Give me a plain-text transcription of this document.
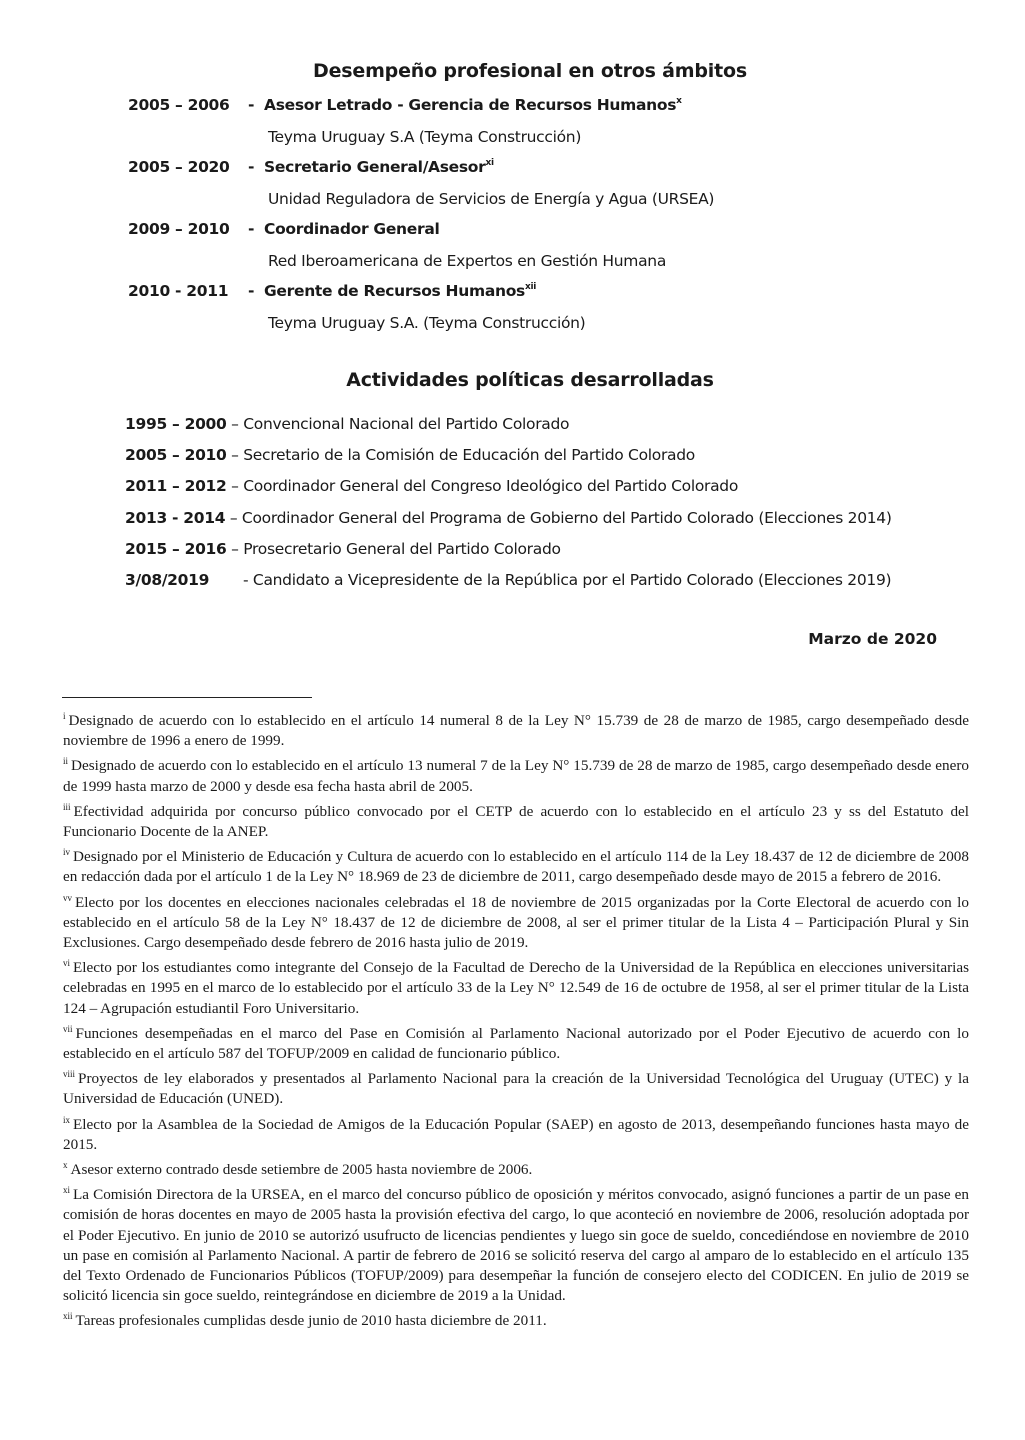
Desempeño profesional en otros ámbitos
2005 – 2006 - Asesor Letrado - Gerencia de Recursos Humanos$^x$
Teyma Uruguay S.A (Teyma Construcción)
2005 – 2020 - Secretario General/Asesor$^{xi}$
Unidad Reguladora de Servicios de Energía y Agua (URSEA)
2009 – 2010 - Coordinador General
Red Iberoamericana de Expertos en Gestión Humana
2010 - 2011 - Gerente de Recursos Humanos$^{xii}$
Teyma Uruguay S.A. (Teyma Construcción)
Actividades políticas desarrolladas
1995 – 2000 – Convencional Nacional del Partido Colorado
2005 – 2010 – Secretario de la Comisión de Educación del Partido Colorado
2011 – 2012 – Coordinador General del Congreso Ideológico del Partido Colorado
2013 - 2014 – Coordinador General del Programa de Gobierno del Partido Colorado (Elecciones 2014)
2015 – 2016 – Prosecretario General del Partido Colorado
3/08/2019 - Candidato a Vicepresidente de la República por el Partido Colorado (Elecciones 2019)
Marzo de 2020

$^i$ Designado de acuerdo con lo establecido en el artículo 14 numeral 8 de la Ley N° 15.739 de 28 de marzo de 1985, cargo desempeñado desde noviembre de 1996 a enero de 1999.

$^{ii}$ Designado de acuerdo con lo establecido en el artículo 13 numeral 7 de la Ley N° 15.739 de 28 de marzo de 1985, cargo desempeñado desde enero de 1999 hasta marzo de 2000 y desde esa fecha hasta abril de 2005.

$^{iii}$ Efectividad adquirida por concurso público convocado por el CETP de acuerdo con lo establecido en el artículo 23 y ss del Estatuto del Funcionario Docente de la ANEP.

$^{iv}$ Designado por el Ministerio de Educación y Cultura de acuerdo con lo establecido en el artículo 114 de la Ley 18.437 de 12 de diciembre de 2008 en redacción dada por el artículo 1 de la Ley N° 18.969 de 23 de diciembre de 2011, cargo desempeñado desde mayo de 2015 a febrero de 2016.

$^{vv}$ Electo por los docentes en elecciones nacionales celebradas el 18 de noviembre de 2015 organizadas por la Corte Electoral de acuerdo con lo establecido en el artículo 58 de la Ley N° 18.437 de 12 de diciembre de 2008, al ser el primer titular de la Lista 4 – Participación Plural y Sin Exclusiones. Cargo desempeñado desde febrero de 2016 hasta julio de 2019.

$^{vi}$ Electo por los estudiantes como integrante del Consejo de la Facultad de Derecho de la Universidad de la República en elecciones universitarias celebradas en 1995 en el marco de lo establecido por el artículo 33 de la Ley N° 12.549 de 16 de octubre de 1958, al ser el primer titular de la Lista 124 – Agrupación estudiantil Foro Universitario.

$^{vii}$ Funciones desempeñadas en el marco del Pase en Comisión al Parlamento Nacional autorizado por el Poder Ejecutivo de acuerdo con lo establecido en el artículo 587 del TOFUP/2009 en calidad de funcionario público.

$^{viii}$ Proyectos de ley elaborados y presentados al Parlamento Nacional para la creación de la Universidad Tecnológica del Uruguay (UTEC) y la Universidad de Educación (UNED).

$^{ix}$ Electo por la Asamblea de la Sociedad de Amigos de la Educación Popular (SAEP) en agosto de 2013, desempeñando funciones hasta mayo de 2015.

$^x$ Asesor externo contrado desde setiembre de 2005 hasta noviembre de 2006.

$^{xi}$ La Comisión Directora de la URSEA, en el marco del concurso público de oposición y méritos convocado, asignó funciones a partir de un pase en comisión de horas docentes en mayo de 2005 hasta la provisión efectiva del cargo, lo que aconteció en noviembre de 2006, resolución adoptada por el Poder Ejecutivo. En junio de 2010 se autorizó usufructo de licencias pendientes y luego sin goce de sueldo, concediéndose en noviembre de 2010 un pase en comisión al Parlamento Nacional. A partir de febrero de 2016 se solicitó reserva del cargo al amparo de lo establecido en el artículo 135 del Texto Ordenado de Funcionarios Públicos (TOFUP/2009) para desempeñar la función de consejero electo del CODICEN. En julio de 2019 se solicitó licencia sin goce sueldo, reintegrándose en diciembre de 2019 a la Unidad.

$^{xii}$ Tareas profesionales cumplidas desde junio de 2010 hasta diciembre de 2011.
